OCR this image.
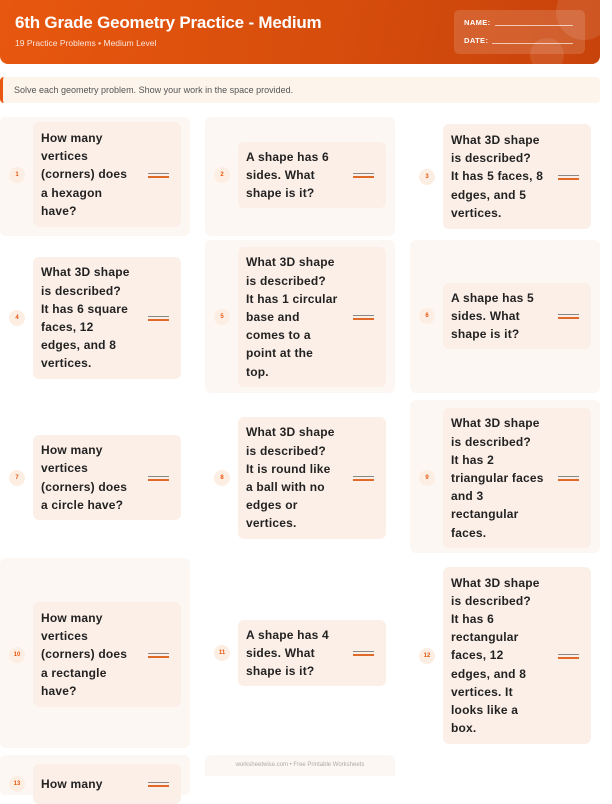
6th Grade Geometry Practice - Medium
19 Practice Problems • Medium Level
NAME:
DATE:
Solve each geometry problem. Show your work in the space provided.
How many
vertices
(corners) does
a hexagon
have?
1
A shape has 6
sides. What
shape is it?
2
What 3D shape
is described?
It has 5 faces, 8
edges, and 5
vertices.
3
What 3D shape
is described?
It has 6 square
faces, 12
edges, and 8
vertices.
4
What 3D shape
is described?
It has 1 circular
base and
comes to a
point at the
top.
5
A shape has 5
sides. What
shape is it?
6
How many
vertices
(corners) does
a circle have?
7
What 3D shape
is described?
It is round like
a ball with no
edges or
vertices.
8
What 3D shape
is described?
It has 2
triangular faces
and 3
rectangular
faces.
9
How many
vertices
(corners) does
a rectangle
have?
10
A shape has 4
sides. What
shape is it?
11
What 3D shape
is described?
It has 6
rectangular
faces, 12
edges, and 8
vertices. It
looks like a
box.
12
How many
13
worksheetwise.com • Free Printable Worksheets
